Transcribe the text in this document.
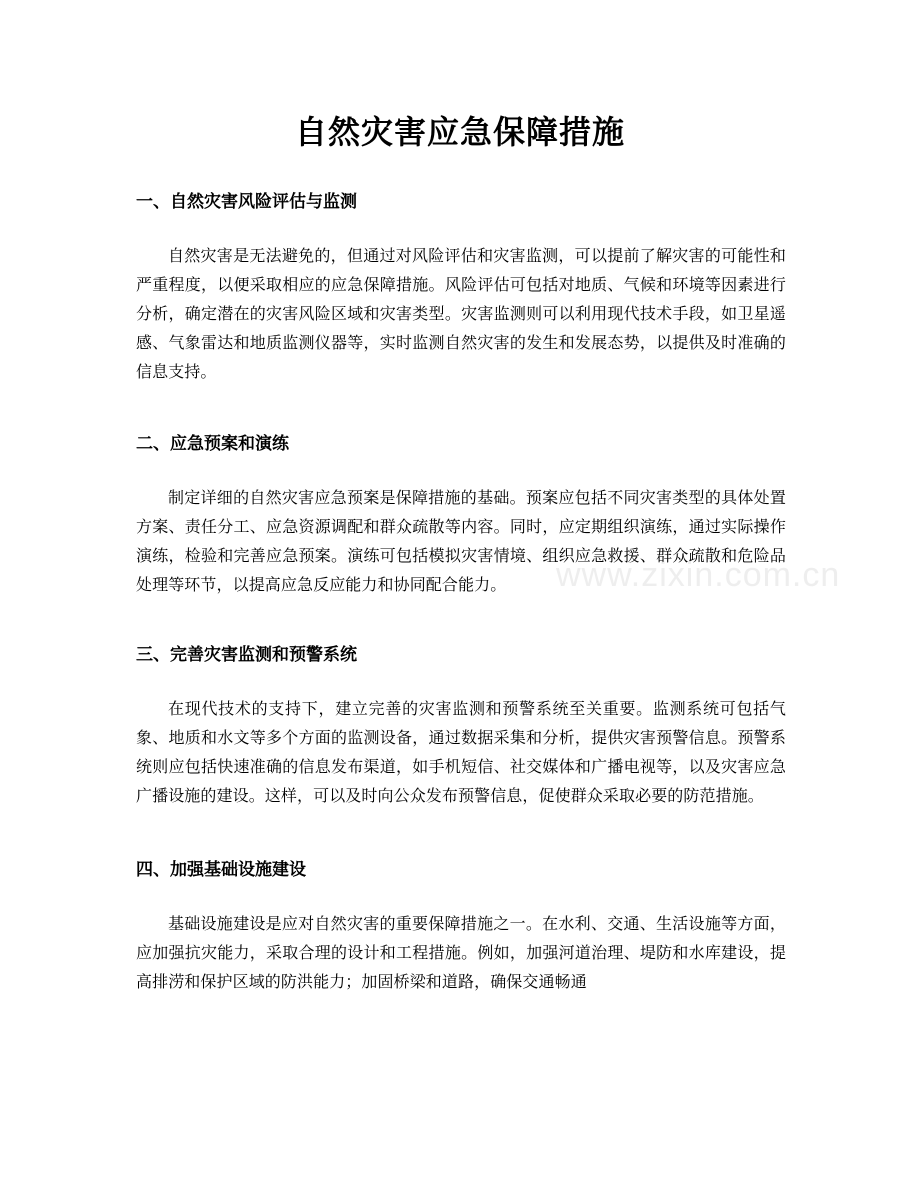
自然灾害应急保障措施
一、自然灾害风险评估与监测

自然灾害是无法避免的，但通过对风险评估和灾害监测，可以提前了解灾害的可能性和严重程度，以便采取相应的应急保障措施。风险评估可包括对地质、气候和环境等因素进行分析，确定潜在的灾害风险区域和灾害类型。灾害监测则可以利用现代技术手段，如卫星遥感、气象雷达和地质监测仪器等，实时监测自然灾害的发生和发展态势，以提供及时准确的信息支持。

二、应急预案和演练

制定详细的自然灾害应急预案是保障措施的基础。预案应包括不同灾害类型的具体处置方案、责任分工、应急资源调配和群众疏散等内容。同时，应定期组织演练，通过实际操作演练，检验和完善应急预案。演练可包括模拟灾害情境、组织应急救援、群众疏散和危险品处理等环节，以提高应急反应能力和协同配合能力。

三、完善灾害监测和预警系统

在现代技术的支持下，建立完善的灾害监测和预警系统至关重要。监测系统可包括气象、地质和水文等多个方面的监测设备，通过数据采集和分析，提供灾害预警信息。预警系统则应包括快速准确的信息发布渠道，如手机短信、社交媒体和广播电视等，以及灾害应急广播设施的建设。这样，可以及时向公众发布预警信息，促使群众采取必要的防范措施。

四、加强基础设施建设

基础设施建设是应对自然灾害的重要保障措施之一。在水利、交通、生活设施等方面，应加强抗灾能力，采取合理的设计和工程措施。例如，加强河道治理、堤防和水库建设，提高排涝和保护区域的防洪能力；加固桥梁和道路，确保交通畅通

www.zixin.com.cn
